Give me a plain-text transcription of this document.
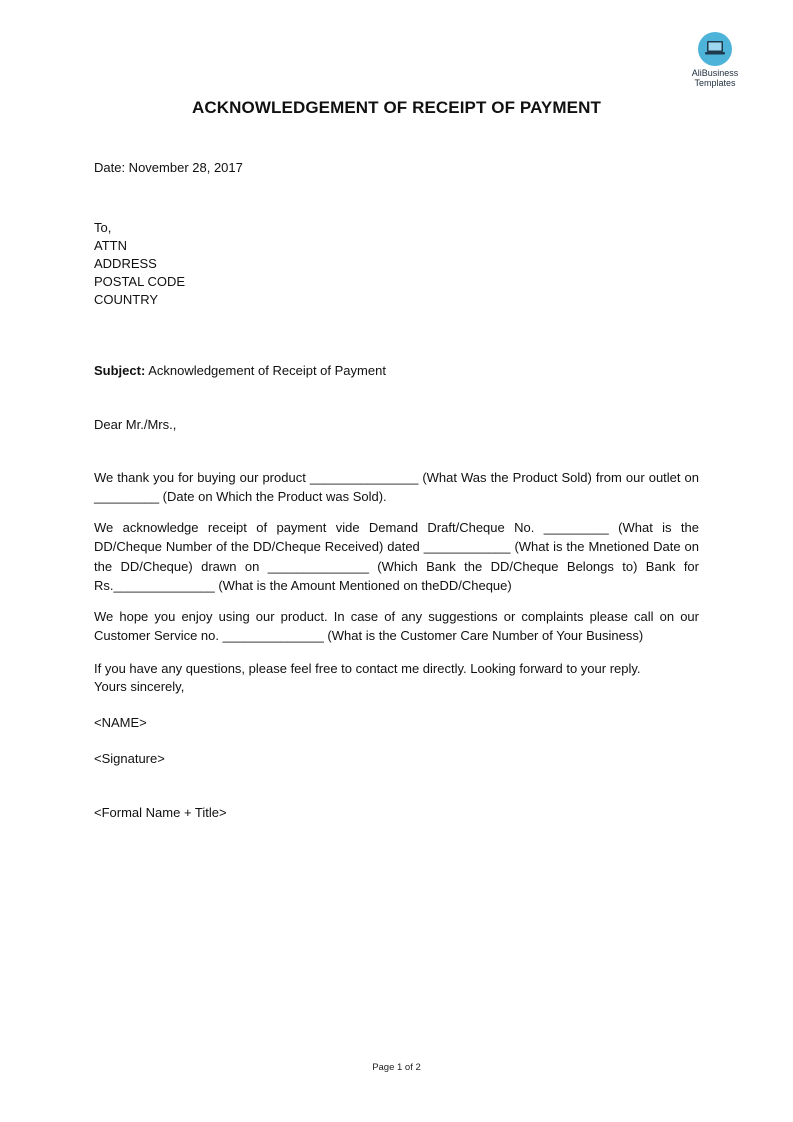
AliBusiness
Templates
ACKNOWLEDGEMENT OF RECEIPT OF PAYMENT
Date: November 28, 2017
To,
ATTN
ADDRESS
POSTAL CODE
COUNTRY
Subject: Acknowledgement of Receipt of Payment
Dear Mr./Mrs.,
We thank you for buying our product _______________ (What Was the Product Sold) from our outlet on _________ (Date on Which the Product was Sold).
We acknowledge receipt of payment vide Demand Draft/Cheque No. _________ (What is the DD/Cheque Number of the DD/Cheque Received) dated ____________ (What is the Mnetioned Date on the DD/Cheque) drawn on ______________ (Which Bank the DD/Cheque Belongs to) Bank for Rs.______________ (What is the Amount Mentioned on theDD/Cheque)
We hope you enjoy using our product. In case of any suggestions or complaints please call on our Customer Service no. ______________ (What is the Customer Care Number of Your Business)
If you have any questions, please feel free to contact me directly. Looking forward to your reply.
Yours sincerely,
<NAME>
<Signature>
<Formal Name + Title>
Page 1 of 2
